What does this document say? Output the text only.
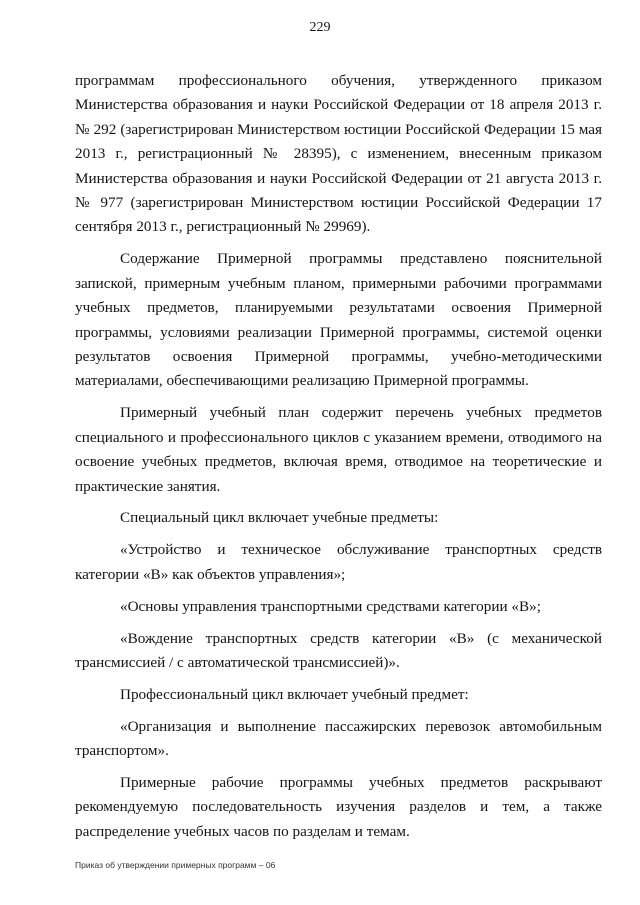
229

программам профессионального обучения, утвержденного приказом Министерства образования и науки Российской Федерации от 18 апреля 2013 г. № 292 (зарегистрирован Министерством юстиции Российской Федерации 15 мая 2013 г., регистрационный № 28395), с изменением, внесенным приказом Министерства образования и науки Российской Федерации от 21 августа 2013 г. № 977 (зарегистрирован Министерством юстиции Российской Федерации 17 сентября 2013 г., регистрационный № 29969).

Содержание Примерной программы представлено пояснительной запиской, примерным учебным планом, примерными рабочими программами учебных предметов, планируемыми результатами освоения Примерной программы, условиями реализации Примерной программы, системой оценки результатов освоения Примерной программы, учебно-методическими материалами, обеспечивающими реализацию Примерной программы.

Примерный учебный план содержит перечень учебных предметов специального и профессионального циклов с указанием времени, отводимого на освоение учебных предметов, включая время, отводимое на теоретические и практические занятия.

Специальный цикл включает учебные предметы:

«Устройство и техническое обслуживание транспортных средств категории «B» как объектов управления»;

«Основы управления транспортными средствами категории «B»;

«Вождение транспортных средств категории «B» (с механической трансмиссией / с автоматической трансмиссией)».

Профессиональный цикл включает учебный предмет:

«Организация и выполнение пассажирских перевозок автомобильным транспортом».

Примерные рабочие программы учебных предметов раскрывают рекомендуемую последовательность изучения разделов и тем, а также распределение учебных часов по разделам и темам.

Приказ об утверждении примерных программ – 06
